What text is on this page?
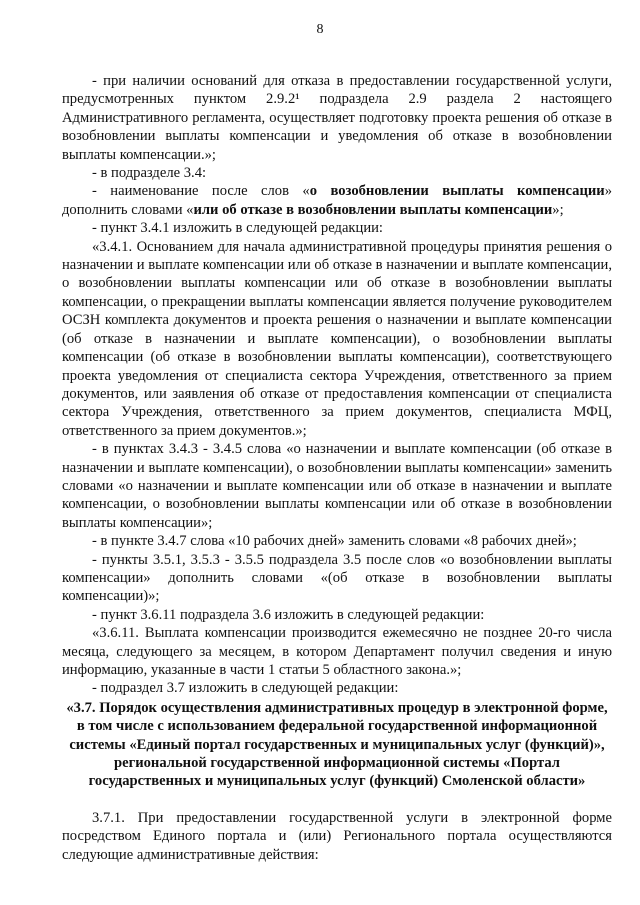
8

- при наличии оснований для отказа в предоставлении государственной услуги, предусмотренных пунктом 2.9.2¹ подраздела 2.9 раздела 2 настоящего Административного регламента, осуществляет подготовку проекта решения об отказе в возобновлении выплаты компенсации и уведомления об отказе в возобновлении выплаты компенсации.»;

- в подразделе 3.4:

- наименование после слов «о возобновлении выплаты компенсации» дополнить словами «или об отказе в возобновлении выплаты компенсации»;

- пункт 3.4.1 изложить в следующей редакции:

«3.4.1. Основанием для начала административной процедуры принятия решения о назначении и выплате компенсации или об отказе в назначении и выплате компенсации, о возобновлении выплаты компенсации или об отказе в возобновлении выплаты компенсации, о прекращении выплаты компенсации является получение руководителем ОСЗН комплекта документов и проекта решения о назначении и выплате компенсации (об отказе в назначении и выплате компенсации), о возобновлении выплаты компенсации (об отказе в возобновлении выплаты компенсации), соответствующего проекта уведомления от специалиста сектора Учреждения, ответственного за прием документов, или заявления об отказе от предоставления компенсации от специалиста сектора Учреждения, ответственного за прием документов, специалиста МФЦ, ответственного за прием документов.»;

- в пунктах 3.4.3 - 3.4.5 слова «о назначении и выплате компенсации (об отказе в назначении и выплате компенсации), о возобновлении выплаты компенсации» заменить словами «о назначении и выплате компенсации или об отказе в назначении и выплате компенсации, о возобновлении выплаты компенсации или об отказе в возобновлении выплаты компенсации»;

- в пункте 3.4.7 слова «10 рабочих дней» заменить словами «8 рабочих дней»;

- пункты 3.5.1, 3.5.3 - 3.5.5 подраздела 3.5 после слов «о возобновлении выплаты компенсации» дополнить словами «(об отказе в возобновлении выплаты компенсации)»;

- пункт 3.6.11 подраздела 3.6 изложить в следующей редакции:

«3.6.11. Выплата компенсации производится ежемесячно не позднее 20-го числа месяца, следующего за месяцем, в котором Департамент получил сведения и иную информацию, указанные в части 1 статьи 5 областного закона.»;

- подраздел 3.7 изложить в следующей редакции:

«3.7. Порядок осуществления административных процедур в электронной форме, в том числе с использованием федеральной государственной информационной системы «Единый портал государственных и муниципальных услуг (функций)», региональной государственной информационной системы «Портал государственных и муниципальных услуг (функций) Смоленской области»

3.7.1. При предоставлении государственной услуги в электронной форме посредством Единого портала и (или) Регионального портала осуществляются следующие административные действия:
